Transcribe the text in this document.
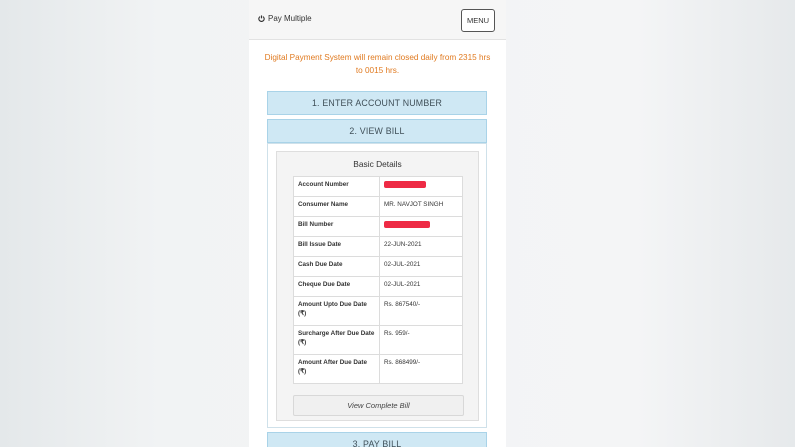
Pay Multiple	MENU
Digital Payment System will remain closed daily from 2315 hrs to 0015 hrs.
1. ENTER ACCOUNT NUMBER
2. VIEW BILL
Basic Details
Account Number	
Consumer Name	MR. NAVJOT SINGH
Bill Number	
Bill Issue Date	22-JUN-2021
Cash Due Date	02-JUL-2021
Cheque Due Date	02-JUL-2021
Amount Upto Due Date (₹)	Rs. 867540/-
Surcharge After Due Date (₹)	Rs. 959/-
Amount After Due Date (₹)	Rs. 868499/-
View Complete Bill
3. PAY BILL
